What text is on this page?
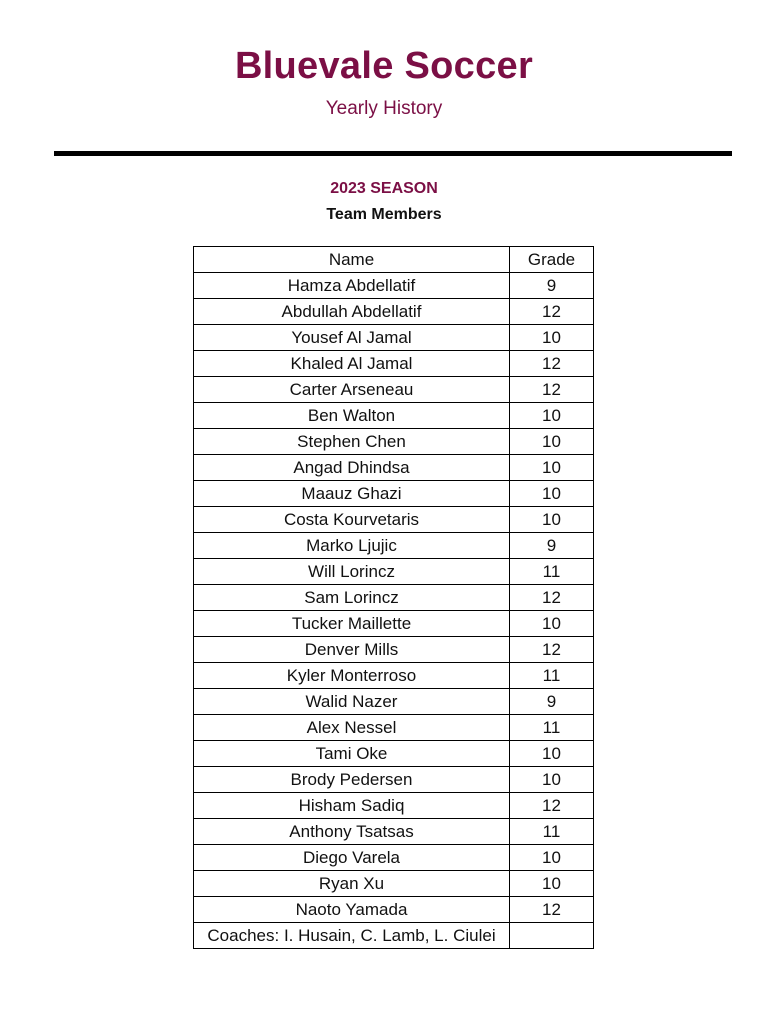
Bluevale Soccer
Yearly History
2023 SEASON
Team Members
Name	Grade
Hamza Abdellatif	9
Abdullah Abdellatif	12
Yousef Al Jamal	10
Khaled Al Jamal	12
Carter Arseneau	12
Ben Walton	10
Stephen Chen	10
Angad Dhindsa	10
Maauz Ghazi	10
Costa Kourvetaris	10
Marko Ljujic	9
Will Lorincz	11
Sam Lorincz	12
Tucker Maillette	10
Denver Mills	12
Kyler Monterroso	11
Walid Nazer	9
Alex Nessel	11
Tami Oke	10
Brody Pedersen	10
Hisham Sadiq	12
Anthony Tsatsas	11
Diego Varela	10
Ryan Xu	10
Naoto Yamada	12
Coaches: I. Husain, C. Lamb, L. Ciulei	
